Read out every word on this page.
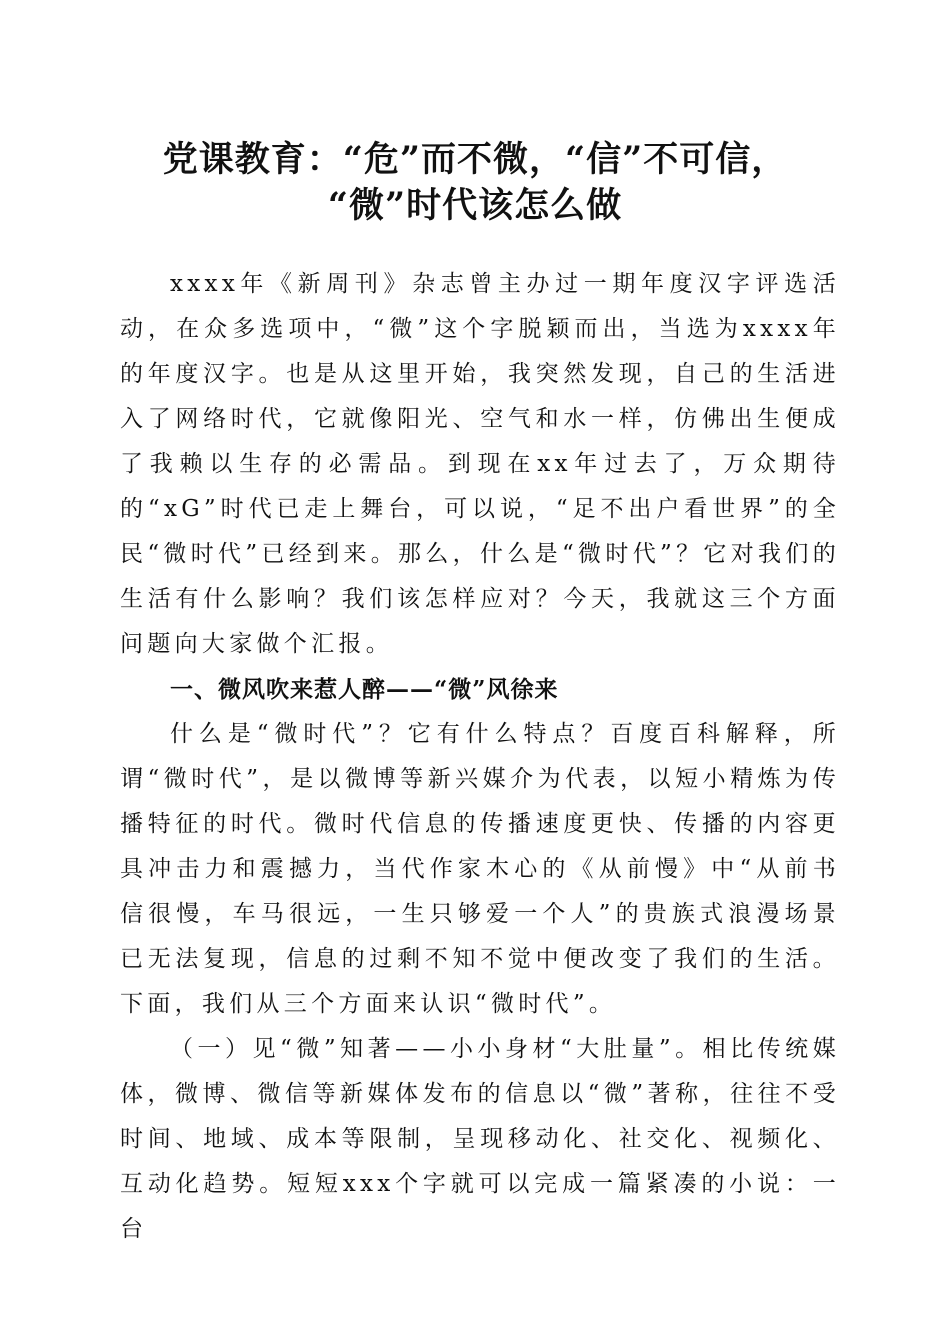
党课教育：“危”而不微，“信”不可信，
“微”时代该怎么做

xxxx年《新周刊》杂志曾主办过一期年度汉字评选活动，在众多选项中，“微”这个字脱颖而出，当选为xxxx年的年度汉字。也是从这里开始，我突然发现，自己的生活进入了网络时代，它就像阳光、空气和水一样，仿佛出生便成了我赖以生存的必需品。到现在xx年过去了，万众期待的“xG”时代已走上舞台，可以说，“足不出户看世界”的全民“微时代”已经到来。那么，什么是“微时代”？它对我们的生活有什么影响？我们该怎样应对？今天，我就这三个方面问题向大家做个汇报。

一、微风吹来惹人醉——“微”风徐来

什么是“微时代”？它有什么特点？百度百科解释，所谓“微时代”，是以微博等新兴媒介为代表，以短小精炼为传播特征的时代。微时代信息的传播速度更快、传播的内容更具冲击力和震撼力，当代作家木心的《从前慢》中“从前书信很慢，车马很远，一生只够爱一个人”的贵族式浪漫场景已无法复现，信息的过剩不知不觉中便改变了我们的生活。下面，我们从三个方面来认识“微时代”。

（一）见“微”知著——小小身材“大肚量”。相比传统媒体，微博、微信等新媒体发布的信息以“微”著称，往往不受时间、地域、成本等限制，呈现移动化、社交化、视频化、互动化趋势。短短xxx个字就可以完成一篇紧凑的小说：一台
